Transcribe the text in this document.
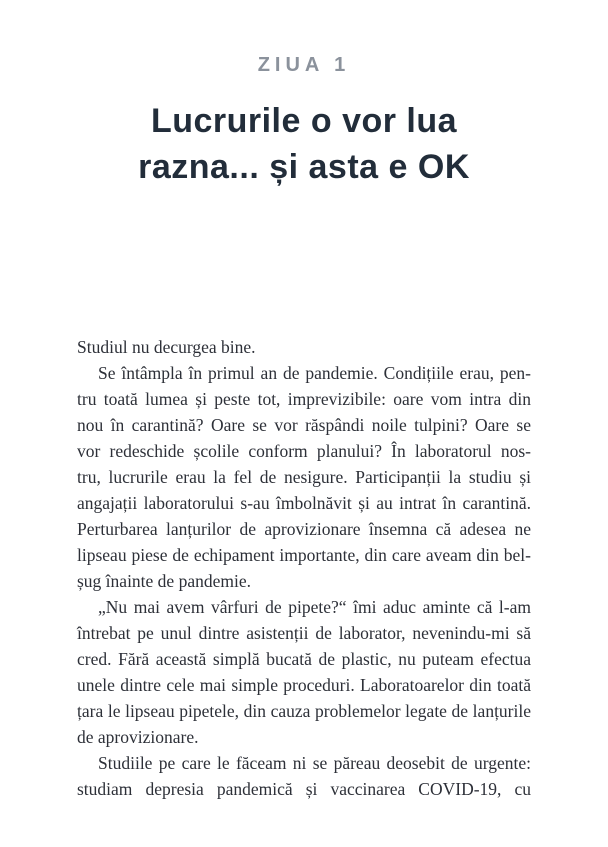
ZIUA 1
Lucrurile o vor lua
razna... și asta e OK
Studiul nu decurgea bine.
Se întâmpla în primul an de pandemie. Condițiile erau, pen-
tru toată lumea și peste tot, imprevizibile: oare vom intra din
nou în carantină? Oare se vor răspândi noile tulpini? Oare se
vor redeschide școlile conform planului? În laboratorul nos-
tru, lucrurile erau la fel de nesigure. Participanții la studiu și
angajații laboratorului s-au îmbolnăvit și au intrat în carantină.
Perturbarea lanțurilor de aprovizionare însemna că adesea ne
lipseau piese de echipament importante, din care aveam din bel-
șug înainte de pandemie.
„Nu mai avem vârfuri de pipete?“ îmi aduc aminte că l-am
întrebat pe unul dintre asistenții de laborator, nevenindu-mi să
cred. Fără această simplă bucată de plastic, nu puteam efectua
unele dintre cele mai simple proceduri. Laboratoarelor din toată
țara le lipseau pipetele, din cauza problemelor legate de lanțurile
de aprovizionare.
Studiile pe care le făceam ni se păreau deosebit de urgente:
studiam depresia pandemică și vaccinarea COVID-19, cu
